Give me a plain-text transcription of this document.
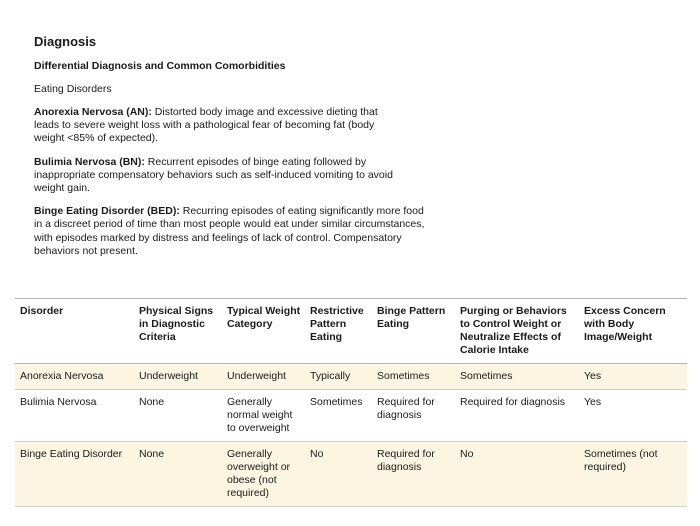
Diagnosis
Differential Diagnosis and Common Comorbidities
Eating Disorders

Anorexia Nervosa (AN): Distorted body image and excessive dieting that leads to severe weight loss with a pathological fear of becoming fat (body weight <85% of expected).

Bulimia Nervosa (BN): Recurrent episodes of binge eating followed by inappropriate compensatory behaviors such as self-induced vomiting to avoid weight gain.

Binge Eating Disorder (BED): Recurring episodes of eating significantly more food in a discreet period of time than most people would eat under similar circumstances, with episodes marked by distress and feelings of lack of control. Compensatory behaviors not present.

Disorder	Physical Signs in Diagnostic Criteria	Typical Weight Category	Restrictive Pattern Eating	Binge Pattern Eating	Purging or Behaviors to Control Weight or Neutralize Effects of Calorie Intake	Excess Concern with Body Image/Weight
Anorexia Nervosa	Underweight	Underweight	Typically	Sometimes	Sometimes	Yes
Bulimia Nervosa	None	Generally normal weight to overweight	Sometimes	Required for diagnosis	Required for diagnosis	Yes
Binge Eating Disorder	None	Generally overweight or obese (not required)	No	Required for diagnosis	No	Sometimes (not required)
